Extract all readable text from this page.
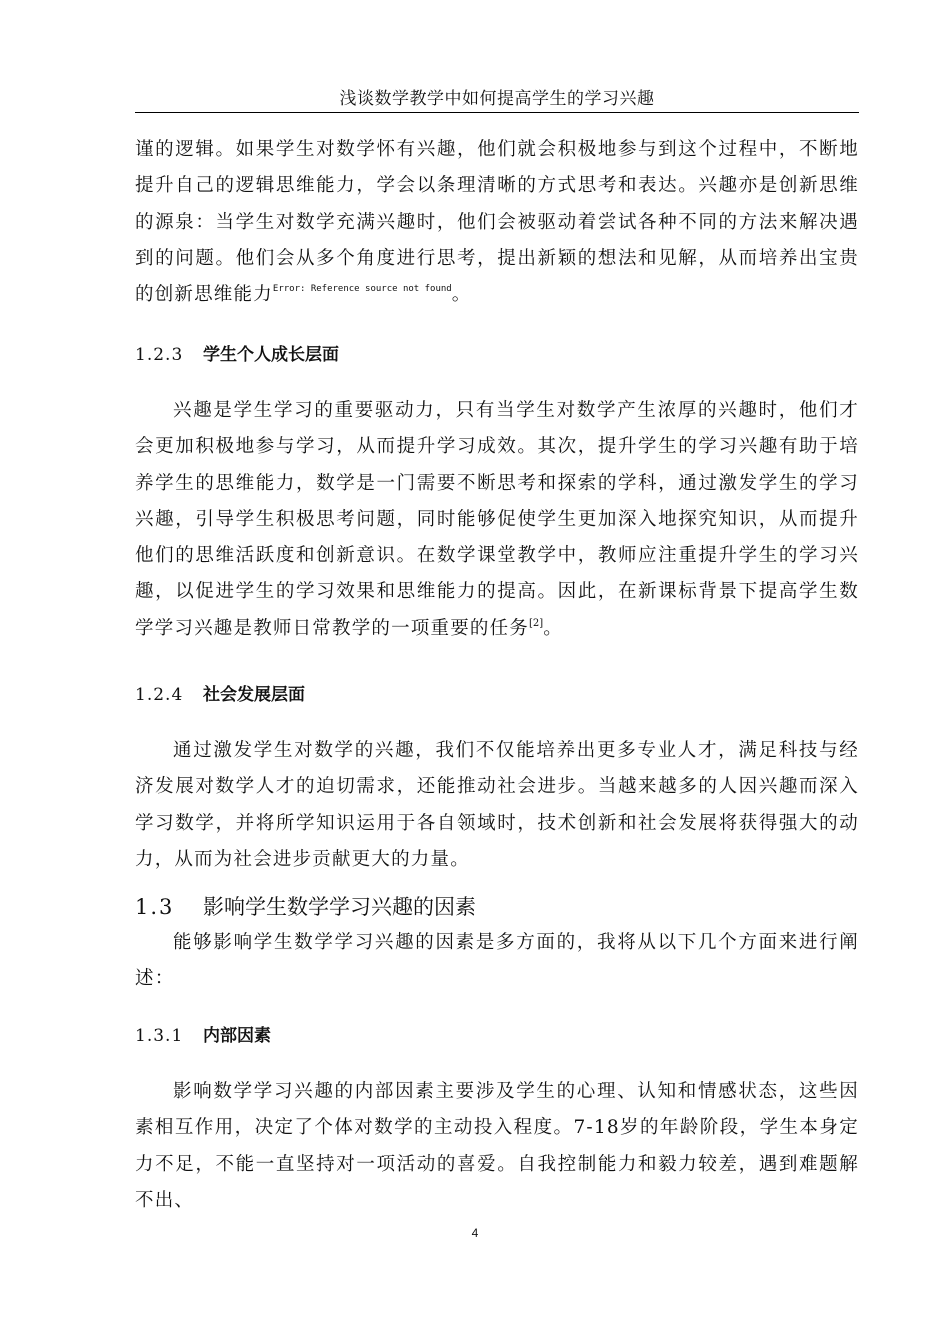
浅谈数学教学中如何提高学生的学习兴趣

谨的逻辑。如果学生对数学怀有兴趣，他们就会积极地参与到这个过程中，不断地提升自己的逻辑思维能力，学会以条理清晰的方式思考和表达。兴趣亦是创新思维的源泉：当学生对数学充满兴趣时，他们会被驱动着尝试各种不同的方法来解决遇到的问题。他们会从多个角度进行思考，提出新颖的想法和见解，从而培养出宝贵的创新思维能力$^{Error: Reference source not found}$。

1.2.3 学生个人成长层面

兴趣是学生学习的重要驱动力，只有当学生对数学产生浓厚的兴趣时，他们才会更加积极地参与学习，从而提升学习成效。其次，提升学生的学习兴趣有助于培养学生的思维能力，数学是一门需要不断思考和探索的学科，通过激发学生的学习兴趣，引导学生积极思考问题，同时能够促使学生更加深入地探究知识，从而提升他们的思维活跃度和创新意识。在数学课堂教学中，教师应注重提升学生的学习兴趣，以促进学生的学习效果和思维能力的提高。因此，在新课标背景下提高学生数学学习兴趣是教师日常教学的一项重要的任务[2]。

1.2.4 社会发展层面

通过激发学生对数学的兴趣，我们不仅能培养出更多专业人才，满足科技与经济发展对数学人才的迫切需求，还能推动社会进步。当越来越多的人因兴趣而深入学习数学，并将所学知识运用于各自领域时，技术创新和社会发展将获得强大的动力，从而为社会进步贡献更大的力量。

1.3 影响学生数学学习兴趣的因素

能够影响学生数学学习兴趣的因素是多方面的，我将从以下几个方面来进行阐述：

1.3.1 内部因素

影响数学学习兴趣的内部因素主要涉及学生的心理、认知和情感状态，这些因素相互作用，决定了个体对数学的主动投入程度。7-18岁的年龄阶段，学生本身定力不足，不能一直坚持对一项活动的喜爱。自我控制能力和毅力较差，遇到难题解不出、

4
